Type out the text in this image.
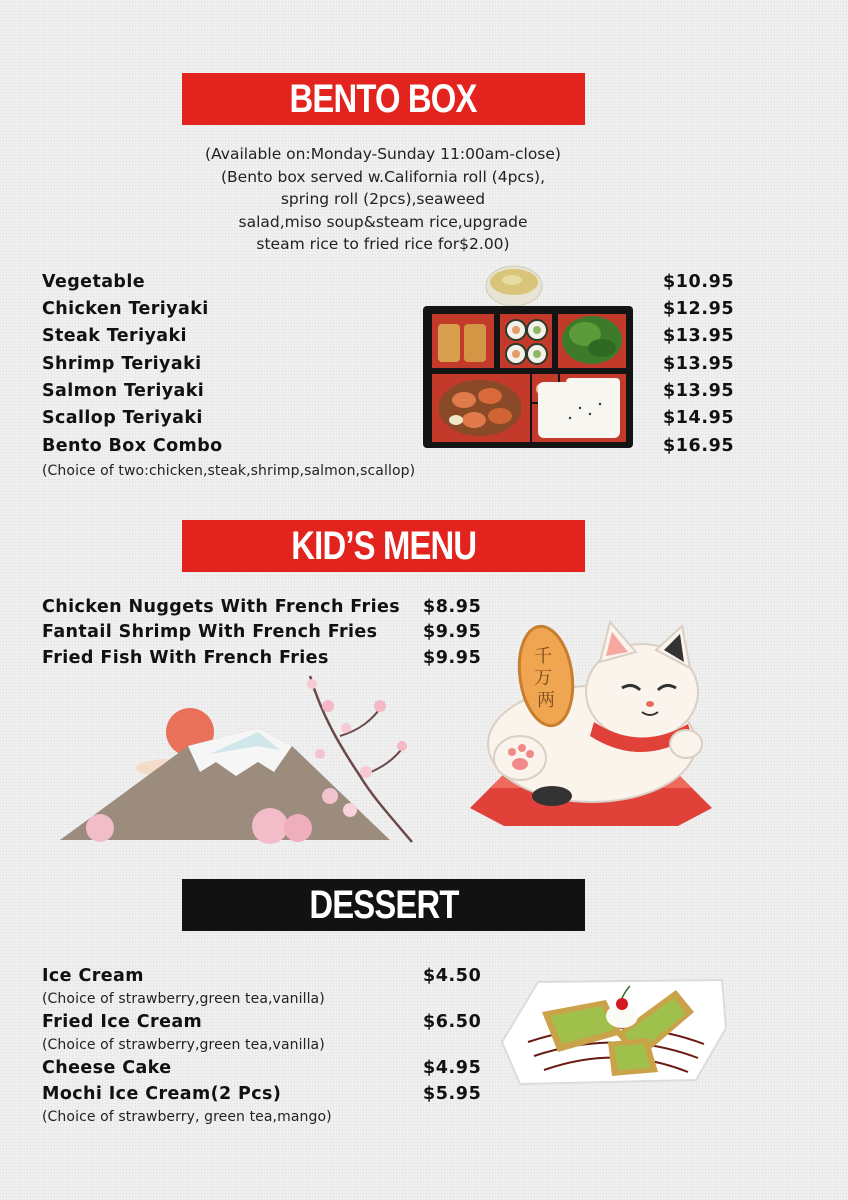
BENTO BOX
(Available on:Monday-Sunday 11:00am-close)
(Bento box served w.California roll (4pcs),
spring roll (2pcs),seaweed
salad,miso soup&steam rice,upgrade
steam rice to fried rice for$2.00)
Vegetable
Chicken Teriyaki
Steak Teriyaki
Shrimp Teriyaki
Salmon Teriyaki
Scallop Teriyaki
Bento Box Combo
$10.95
$12.95
$13.95
$13.95
$13.95
$14.95
$16.95
(Choice of two:chicken,steak,shrimp,salmon,scallop)
KID’S MENU
Chicken Nuggets With French Fries
Fantail Shrimp With French Fries
Fried Fish With French Fries
$8.95
$9.95
$9.95	千 万 两
DESSERT
Ice Cream
(Choice of strawberry,green tea,vanilla)
Fried Ice Cream
(Choice of strawberry,green tea,vanilla)
Cheese Cake
Mochi Ice Cream(2 Pcs)
(Choice of strawberry, green tea,mango)
$4.50
$6.50
$4.95
$5.95
